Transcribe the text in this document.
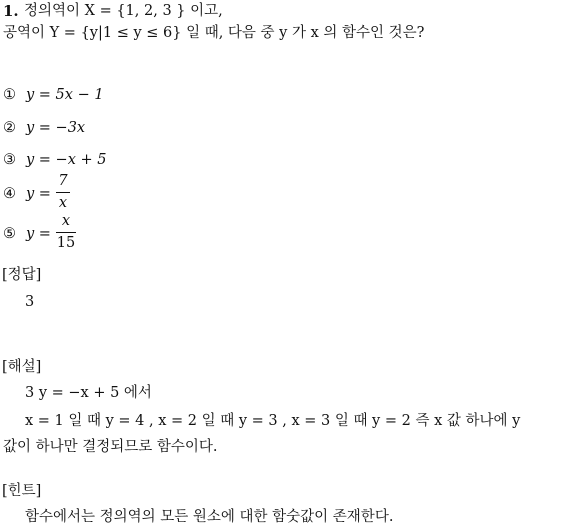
1. 정의역이 X = {1, 2, 3 } 이고,
공역이 Y = {y|1 ≤ y ≤ 6} 일 때, 다음 중 y 가 x 의 함수인 것은?
① y = 5x − 1
② y = −3x
③ y = −x + 5
④ y =
7
x
⑤ y =
x
15
[정답]
3
[해설]
3 y = −x + 5 에서
x = 1 일 때 y = 4 , x = 2 일 때 y = 3 , x = 3 일 때 y = 2 즉 x 값 하나에 y
값이 하나만 결정되므로 함수이다.
[힌트]
함수에서는 정의역의 모든 원소에 대한 함숫값이 존재한다.
